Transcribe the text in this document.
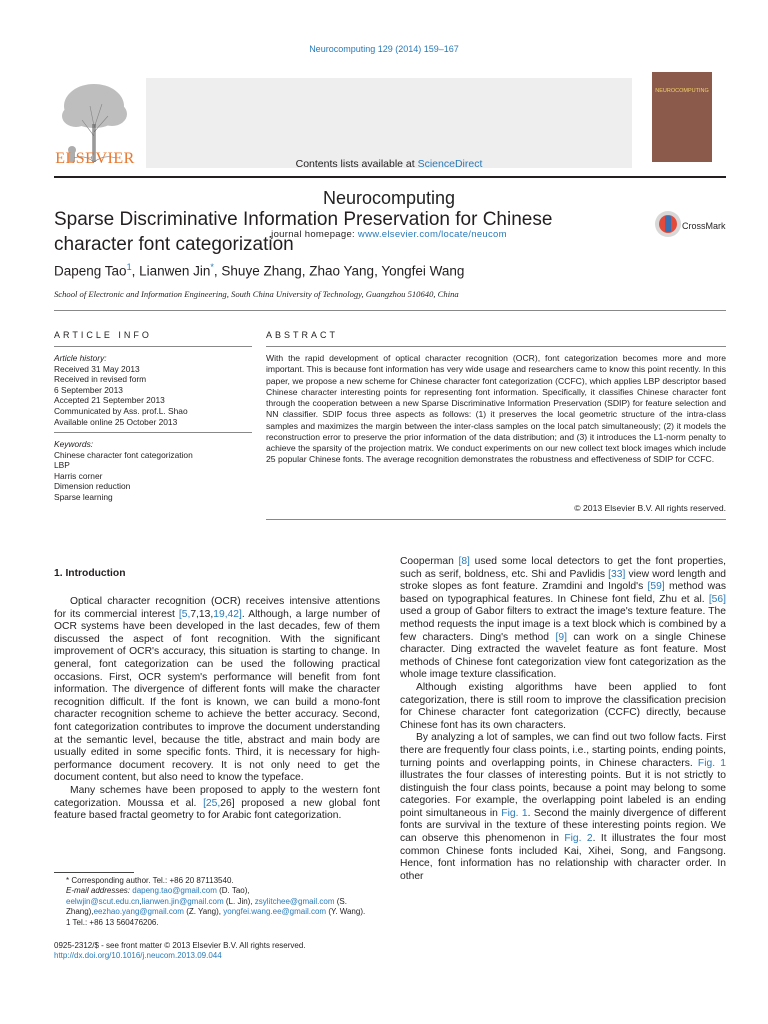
Neurocomputing 129 (2014) 159–167
ELSEVIER	Contents lists available at ScienceDirect
Neurocomputing
journal homepage: www.elsevier.com/locate/neucom
NEUROCOMPUTING
Sparse Discriminative Information Preservation for Chinese character font categorization
CrossMark
Dapeng Tao$^1$, Lianwen Jin*, Shuye Zhang, Zhao Yang, Yongfei Wang
School of Electronic and Information Engineering, South China University of Technology, Guangzhou 510640, China
ARTICLE INFO	ABSTRACT
Article history:
Received 31 May 2013
Received in revised form
6 September 2013
Accepted 21 September 2013
Communicated by Ass. prof.L. Shao
Available online 25 October 2013
Keywords:
Chinese character font categorization
LBP
Harris corner
Dimension reduction
Sparse learning
With the rapid development of optical character recognition (OCR), font categorization becomes more and more important. This is because font information has very wide usage and researchers came to know this point recently. In this paper, we propose a new scheme for Chinese character font categorization (CCFC), which applies LBP descriptor based Chinese character interesting points for representing font information. Specifically, it classifies Chinese character font through the cooperation between a new Sparse Discriminative Information Preservation (SDIP) for feature selection and NN classifier. SDIP focus three aspects as follows: (1) it preserves the local geometric structure of the intra-class samples and maximizes the margin between the inter-class samples on the local patch simultaneously; (2) it models the reconstruction error to preserve the prior information of the data distribution; and (3) it introduces the L1-norm penalty to achieve the sparsity of the projection matrix. We conduct experiments on our new collect text block images which include 25 popular Chinese fonts. The average recognition demonstrates the robustness and effectiveness of SDIP for CCFC.
© 2013 Elsevier B.V. All rights reserved.
1. Introduction

Optical character recognition (OCR) receives intensive attentions for its commercial interest [5,7,13,19,42]. Although, a large number of OCR systems have been developed in the last decades, few of them discussed the aspect of font recognition. With the significant improvement of OCR's accuracy, this situation is starting to change. In general, font categorization can be used the following practical occasions. First, OCR system's performance will benefit from font information. The divergence of different fonts will make the character recognition difficult. If the font is known, we can build a mono-font character recognition scheme to achieve the better accuracy. Second, font categorization contributes to improve the document understanding at the semantic level, because the title, abstract and main body are usually edited in some specific fonts. Third, it is necessary for high-performance document recovery. It is not only need to get the document content, but also need to know the typeface.

Many schemes have been proposed to apply to the western font categorization. Moussa et al. [25,26] proposed a new global font feature based fractal geometry to for Arabic font categorization.

Cooperman [8] used some local detectors to get the font properties, such as serif, boldness, etc. Shi and Pavlidis [33] view word length and stroke slopes as font feature. Zramdini and Ingold's [59] method was based on typographical features. In Chinese font field, Zhu et al. [56] used a group of Gabor filters to extract the image's texture feature. The method requests the input image is a text block which is combined by a few characters. Ding's method [9] can work on a single Chinese character. Ding extracted the wavelet feature as font feature. Most methods of Chinese font categorization view font categorization as the whole image texture classification.

Although existing algorithms have been applied to font categorization, there is still room to improve the classification precision for Chinese character font categorization (CCFC) directly, because Chinese font has its own characters.

By analyzing a lot of samples, we can find out two follow facts. First there are frequently four class points, i.e., starting points, ending points, turning points and overlapping points, in Chinese characters. Fig. 1 illustrates the four classes of interesting points. But it is not strictly to distinguish the four class points, because a point may belong to some categories. For example, the overlapping point labeled is an ending point simultaneous in Fig. 1. Second the mainly divergence of different fonts are survival in the texture of these interesting points region. We can observe this phenomenon in Fig. 2. It illustrates the four most common Chinese fonts included Kai, Xihei, Song, and Fangsong. Hence, font information has no relationship with character order. In other

* Corresponding author. Tel.: +86 20 87113540.
E-mail addresses: dapeng.tao@gmail.com (D. Tao), eelwjin@scut.edu.cn,lianwen.jin@gmail.com (L. Jin), zsylitchee@gmail.com (S. Zhang),eezhao.yang@gmail.com (Z. Yang), yongfei.wang.ee@gmail.com (Y. Wang).
1 Tel.: +86 13 560476206.
0925-2312/$ - see front matter © 2013 Elsevier B.V. All rights reserved.
http://dx.doi.org/10.1016/j.neucom.2013.09.044
